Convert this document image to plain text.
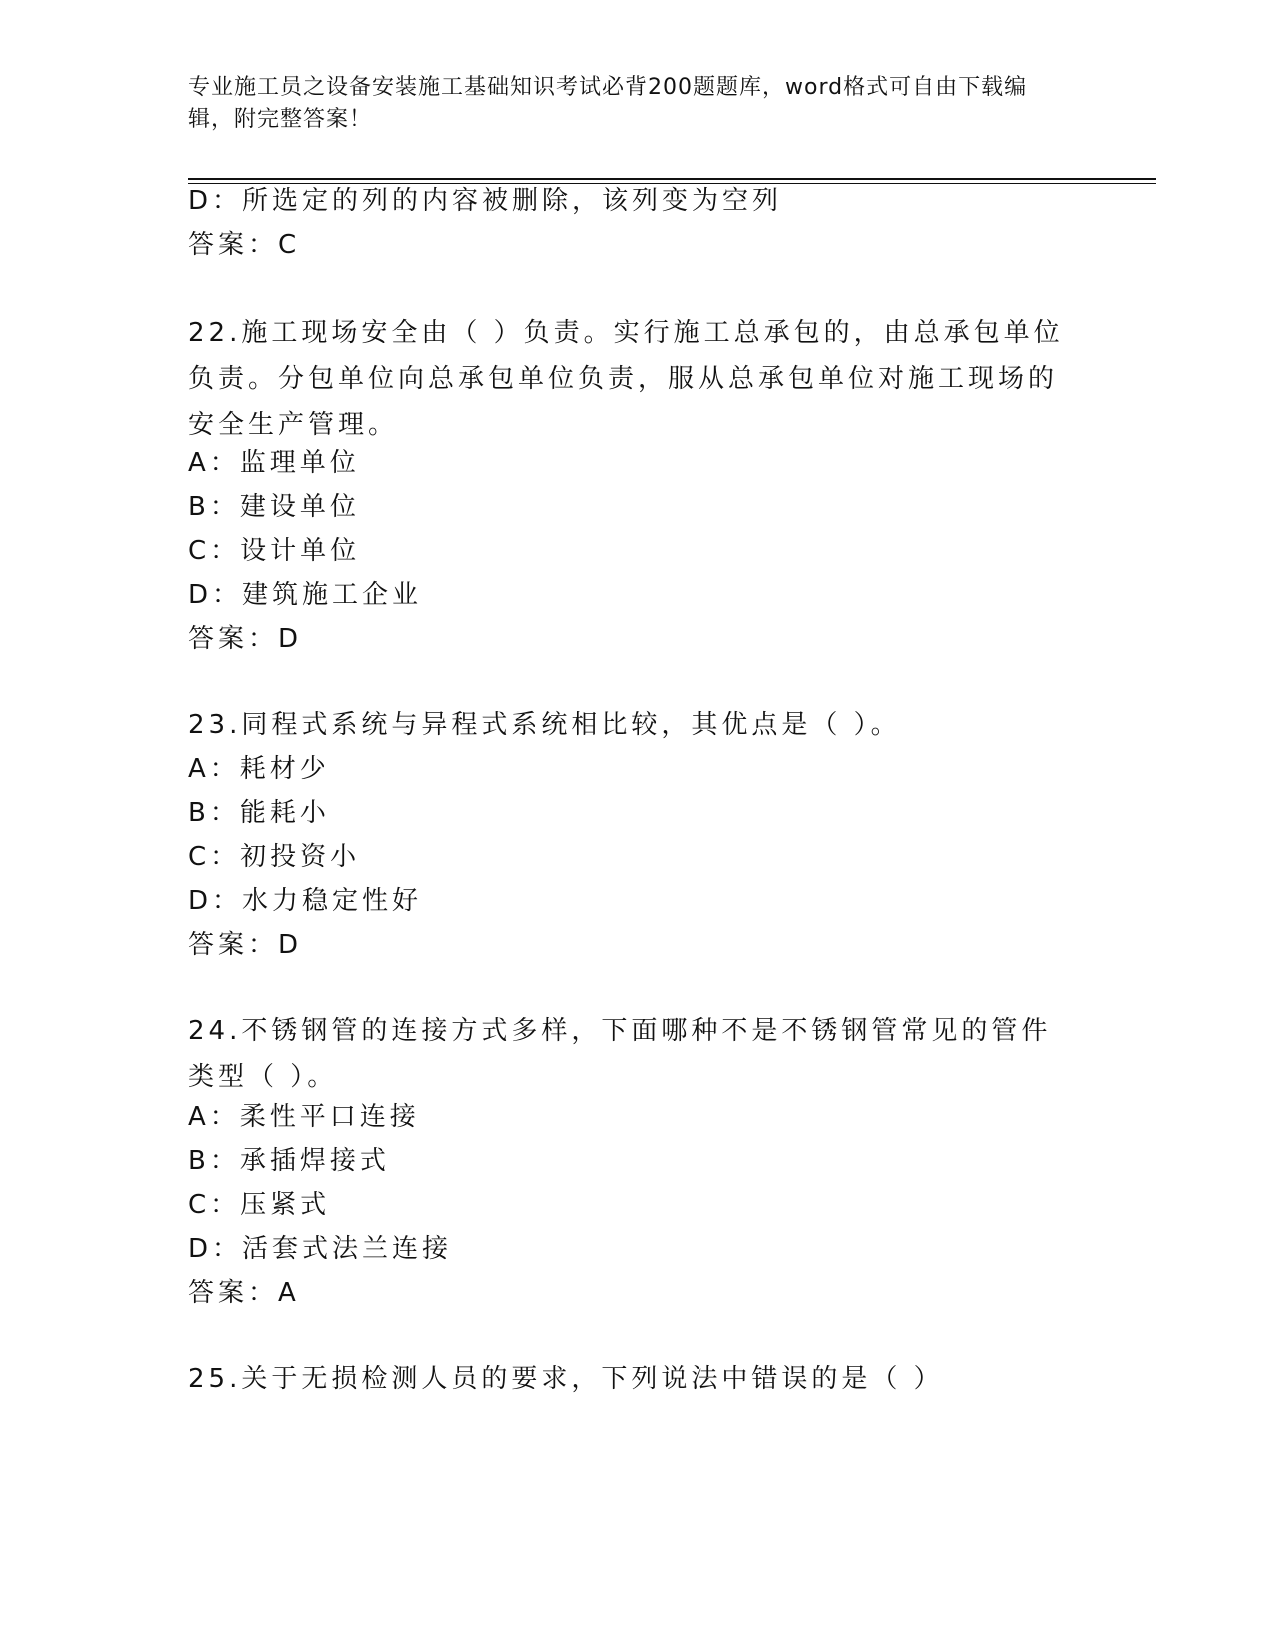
专业施工员之设备安装施工基础知识考试必背200题题库，word格式可自由下载编辑，附完整答案！
D：所选定的列的内容被删除，该列变为空列
答案：C
22.施工现场安全由（ ）负责。实行施工总承包的，由总承包单位负责。分包单位向总承包单位负责，服从总承包单位对施工现场的安全生产管理。
A：监理单位
B：建设单位
C：设计单位
D：建筑施工企业
答案：D
23.同程式系统与异程式系统相比较，其优点是（ ）。
A：耗材少
B：能耗小
C：初投资小
D：水力稳定性好
答案：D
24.不锈钢管的连接方式多样，下面哪种不是不锈钢管常见的管件类型（ ）。
A：柔性平口连接
B：承插焊接式
C：压紧式
D：活套式法兰连接
答案：A
25.关于无损检测人员的要求，下列说法中错误的是（ ）
